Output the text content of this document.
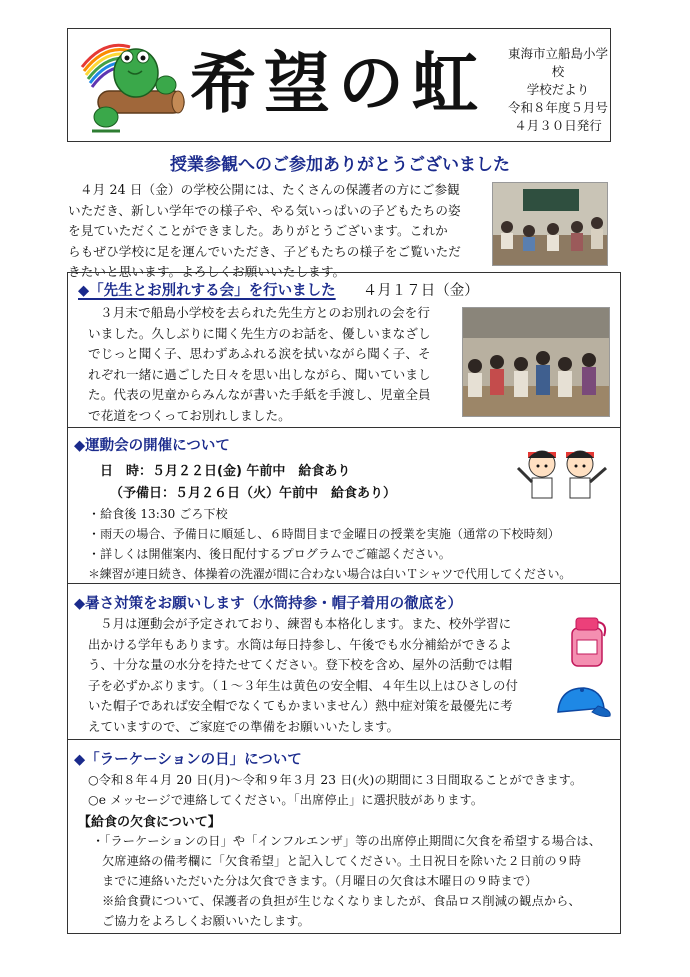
希望の虹 東海市立船島小学校
学校だより
令和８年度５月号
４月３０日発行
授業参観へのご参加ありがとうございました
４月 24 日（金）の学校公開には、たくさんの保護者の方にご参観
いただき、新しい学年での様子や、やる気いっぱいの子どもたちの姿
を見ていただくことができました。ありがとうございます。これか
らもぜひ学校に足を運んでいただき、子どもたちの様子をご覧いただ
きたいと思います。よろしくお願いいたします。
◆「先生とお別れする会」を行いました ４月１７日（金）
３月末で船島小学校を去られた先生方とのお別れの会を行
いました。久しぶりに聞く先生方のお話を、優しいまなざし
でじっと聞く子、思わずあふれる涙を拭いながら聞く子、そ
れぞれ一緒に過ごした日々を思い出しながら、聞いていまし
た。代表の児童からみんなが書いた手紙を手渡し、児童全員
で花道をつくってお別れしました。
◆運動会の開催について
日　時：５月２２日(金) 午前中　給食あり
（予備日：５月２６日（火）午前中　給食あり）
・給食後 13:30 ごろ下校
・雨天の場合、予備日に順延し、６時間目まで金曜日の授業を実施（通常の下校時刻）
・詳しくは開催案内、後日配付するプログラムでご確認ください。
＊練習が連日続き、体操着の洗濯が間に合わない場合は白いＴシャツで代用してください。
◆暑さ対策をお願いします（水筒持参・帽子着用の徹底を）
５月は運動会が予定されており、練習も本格化します。また、校外学習に
出かける学年もあります。水筒は毎日持参し、午後でも水分補給ができるよ
う、十分な量の水分を持たせてください。登下校を含め、屋外の活動では帽
子を必ずかぶります。（１～３年生は黄色の安全帽、４年生以上はひさしの付
いた帽子であれば安全帽でなくてもかまいません）熱中症対策を最優先に考
えていますので、ご家庭での準備をお願いいたします。
◆「ラーケーションの日」について
○令和８年４月 20 日(月)～令和９年３月 23 日(火)の期間に３日間取ることができます。
○e メッセージで連絡してください。「出席停止」に選択肢があります。
【給食の欠食について】
・「ラーケーションの日」や「インフルエンザ」等の出席停止期間に欠食を希望する場合は、
欠席連絡の備考欄に「欠食希望」と記入してください。土日祝日を除いた２日前の９時
までに連絡いただいた分は欠食できます。（月曜日の欠食は木曜日の９時まで）
※給食費について、保護者の負担が生じなくなりましたが、食品ロス削減の観点から、
ご協力をよろしくお願いいたします。
